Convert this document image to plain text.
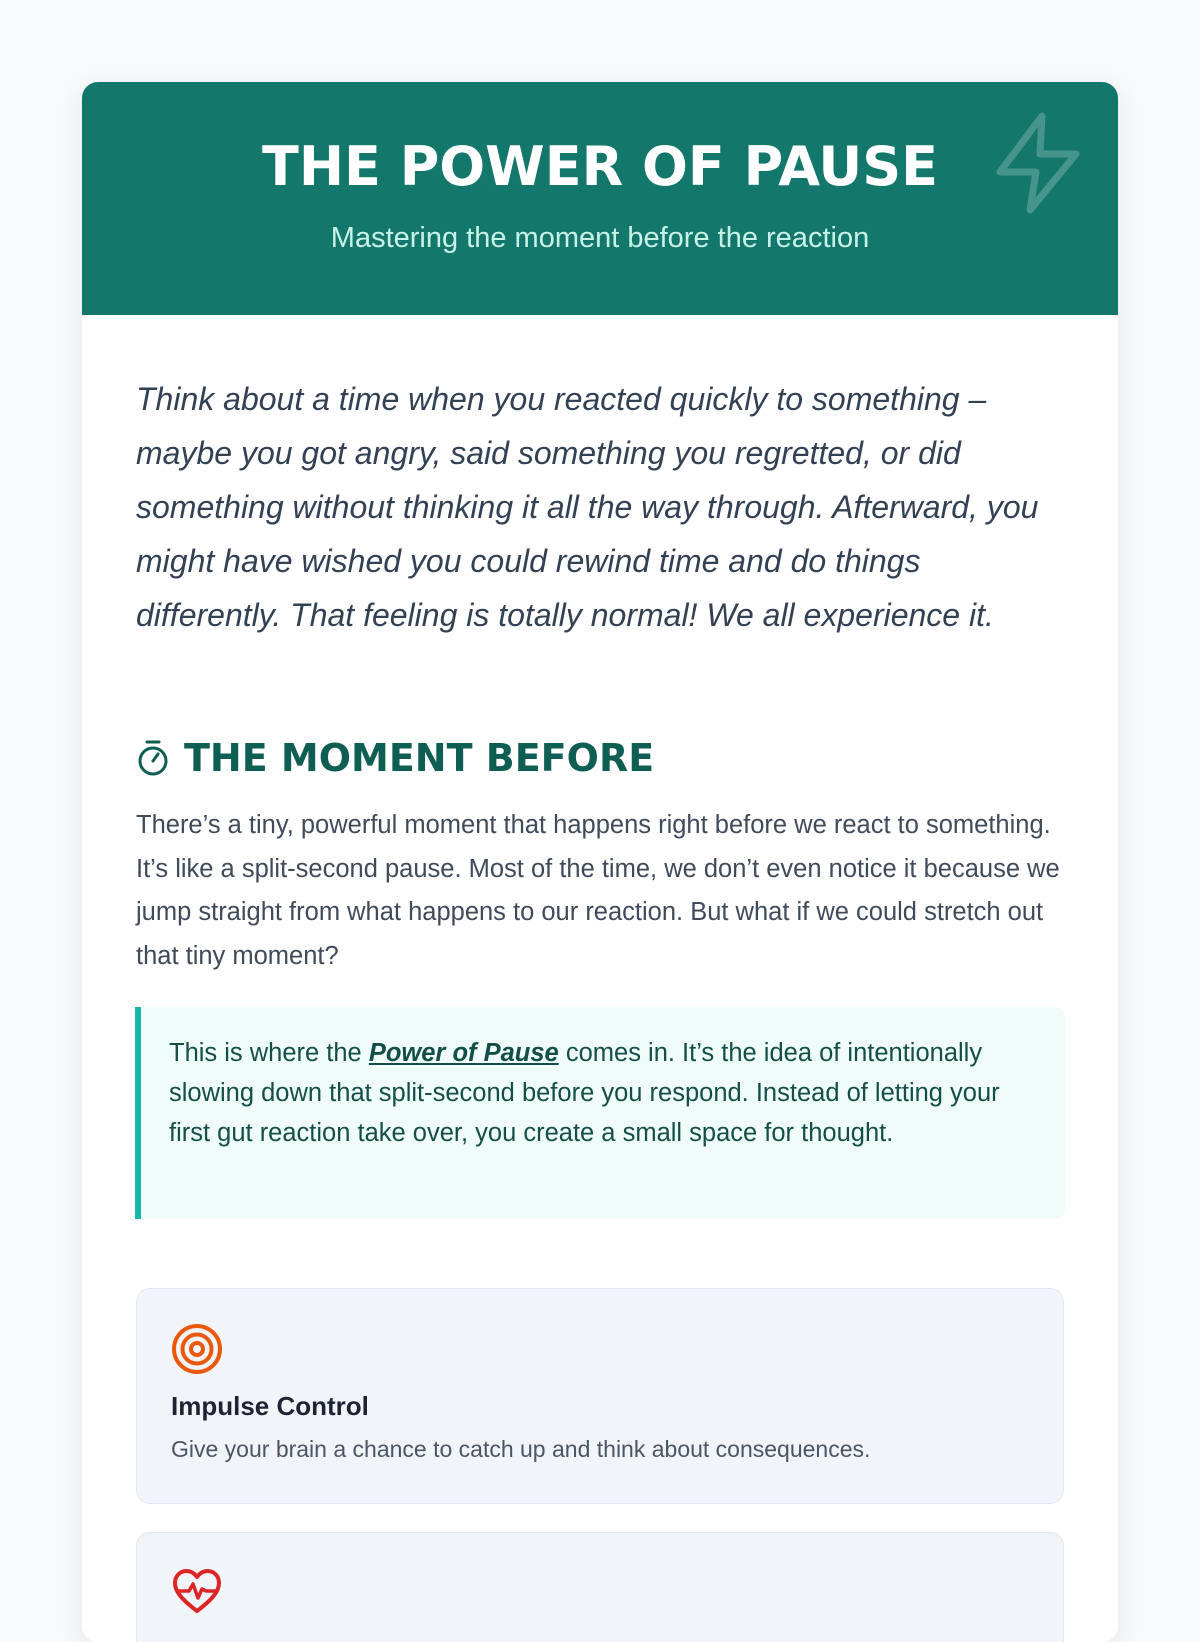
THE POWER OF PAUSE
Mastering the moment before the reaction

Think about a time when you reacted quickly to something – maybe you got angry, said something you regretted, or did something without thinking it all the way through. Afterward, you might have wished you could rewind time and do things differently. That feeling is totally normal! We all experience it.

THE MOMENT BEFORE

There’s a tiny, powerful moment that happens right before we react to something. It’s like a split-second pause. Most of the time, we don’t even notice it because we jump straight from what happens to our reaction. But what if we could stretch out that tiny moment?

This is where the Power of Pause comes in. It’s the idea of intentionally slowing down that split-second before you respond. Instead of letting your first gut reaction take over, you create a small space for thought.

Impulse Control
Give your brain a chance to catch up and think about consequences.
